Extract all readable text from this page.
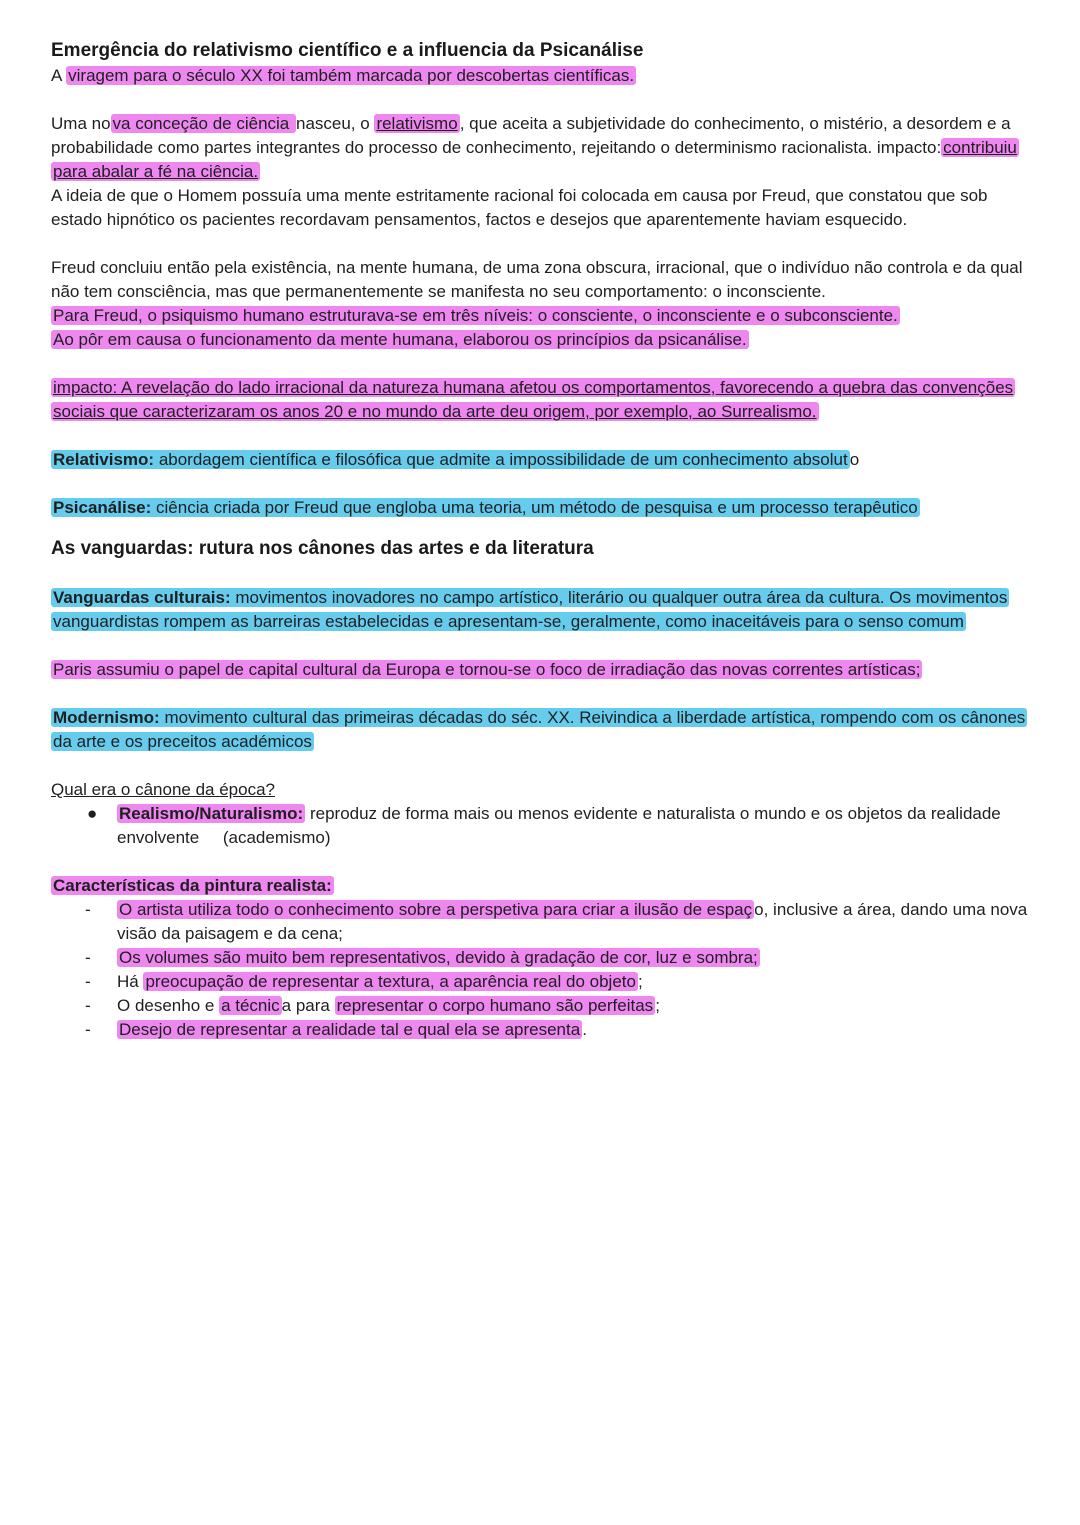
Emergência do relativismo científico e a influencia da Psicanálise

A viragem para o século XX foi também marcada por descobertas científicas.

Uma no va conceção de ciência nasceu, o relativismo , que aceita a subjetividade do conhecimento, o mistério, a desordem e a probabilidade como partes integrantes do processo de conhecimento, rejeitando o determinismo racionalista. impacto: contribuiu para abalar a fé na ciência.

A ideia de que o Homem possuía uma mente estritamente racional foi colocada em causa por Freud, que constatou que sob estado hipnótico os pacientes recordavam pensamentos, factos e desejos que aparentemente haviam esquecido.

Freud concluiu então pela existência, na mente humana, de uma zona obscura, irracional, que o indivíduo não controla e da qual não tem consciência, mas que permanentemente se manifesta no seu comportamento: o inconsciente.

Para Freud, o psiquismo humano estruturava-se em três níveis: o consciente, o inconsciente e o subconsciente.

Ao pôr em causa o funcionamento da mente humana, elaborou os princípios da psicanálise.

impacto: A revelação do lado irracional da natureza humana afetou os comportamentos, favorecendo a quebra das convenções sociais que caracterizaram os anos 20 e no mundo da arte deu origem, por exemplo, ao Surrealismo.

Relativismo: abordagem científica e filosófica que admite a impossibilidade de um conhecimento absolut o

Psicanálise: ciência criada por Freud que engloba uma teoria, um método de pesquisa e um processo terapêutico

As vanguardas: rutura nos cânones das artes e da literatura

Vanguardas culturais: movimentos inovadores no campo artístico, literário ou qualquer outra área da cultura. Os movimentos vanguardistas rompem as barreiras estabelecidas e apresentam-se, geralmente, como inaceitáveis para o senso comum

Paris assumiu o papel de capital cultural da Europa e tornou-se o foco de irradiação das novas correntes artísticas;

Modernismo: movimento cultural das primeiras décadas do séc. XX. Reivindica a liberdade artística, rompendo com os cânones da arte e os preceitos académicos

Qual era o cânone da época?

● Realismo/Naturalismo: reproduz de forma mais ou menos evidente e naturalista o mundo e os objetos da realidade envolvente     (academismo)

Características da pintura realista:

- O artista utiliza todo o conhecimento sobre a perspetiva para criar a ilusão de espaç o, inclusive a área, dando uma nova visão da paisagem e da cena;
- Os volumes são muito bem representativos, devido à gradação de cor, luz e sombra;
- Há preocupação de representar a textura, a aparência real do objeto ;
- O desenho e a técnic a para representar o corpo humano são perfeitas ;
- Desejo de representar a realidade tal e qual ela se apresenta .
